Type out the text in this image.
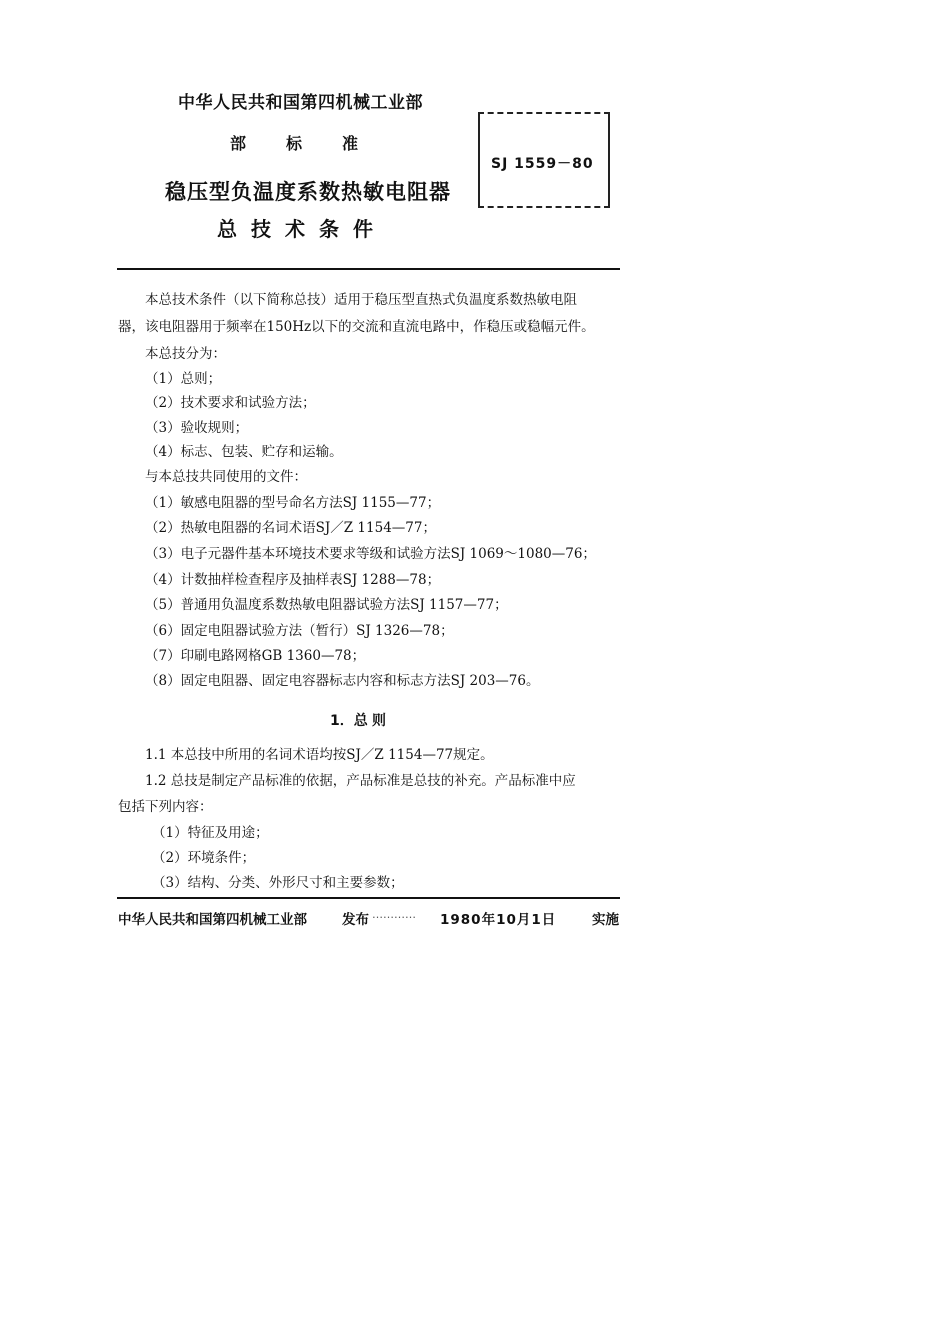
中华人民共和国第四机械工业部
部 标 准
稳压型负温度系数热敏电阻器
总技术条件
SJ 1559－80
本总技术条件（以下简称总技）适用于稳压型直热式负温度系数热敏电阻
器，该电阻器用于频率在150Hz以下的交流和直流电路中，作稳压或稳幅元件。
本总技分为：
（1）总则；
（2）技术要求和试验方法；
（3）验收规则；
（4）标志、包装、贮存和运输。
与本总技共同使用的文件：
（1）敏感电阻器的型号命名方法SJ 1155—77；
（2）热敏电阻器的名词术语SJ／Z 1154—77；
（3）电子元器件基本环境技术要求等级和试验方法SJ 1069～1080—76；
（4）计数抽样检查程序及抽样表SJ 1288—78；
（5）普通用负温度系数热敏电阻器试验方法SJ 1157—77；
（6）固定电阻器试验方法（暂行）SJ 1326—78；
（7）印刷电路网格GB 1360—78；
（8）固定电阻器、固定电容器标志内容和标志方法SJ 203—76。
1．总 则
1.1 本总技中所用的名词术语均按SJ／Z 1154—77规定。
1.2 总技是制定产品标准的依据，产品标准是总技的补充。产品标准中应
包括下列内容：
（1）特征及用途；
（2）环境条件；
（3）结构、分类、外形尺寸和主要参数；
中华人民共和国第四机械工业部	发布 ………… 1980年10月1日	实施
